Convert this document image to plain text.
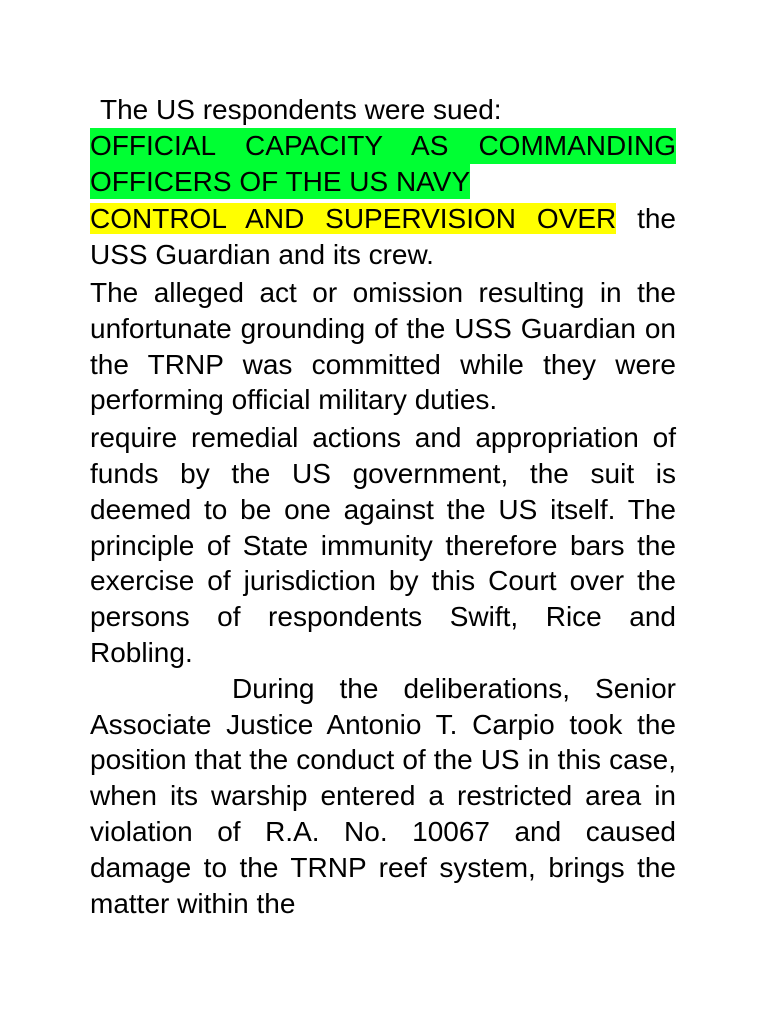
The US respondents were sued:

OFFICIAL CAPACITY AS COMMANDING
OFFICERS OF THE US NAVY

CONTROL AND SUPERVISION OVER the USS Guardian and its crew.

The alleged act or omission resulting in the unfortunate grounding of the USS Guardian on the TRNP was committed while they were performing official military duties.

require remedial actions and appropriation of funds by the US government, the suit is deemed to be one against the US itself. The principle of State immunity therefore bars the exercise of jurisdiction by this Court over the persons of respondents Swift, Rice and Robling.

During the deliberations, Senior Associate Justice Antonio T. Carpio took the position that the conduct of the US in this case, when its warship entered a restricted area in violation of R.A. No. 10067 and caused damage to the TRNP reef system, brings the matter within the
